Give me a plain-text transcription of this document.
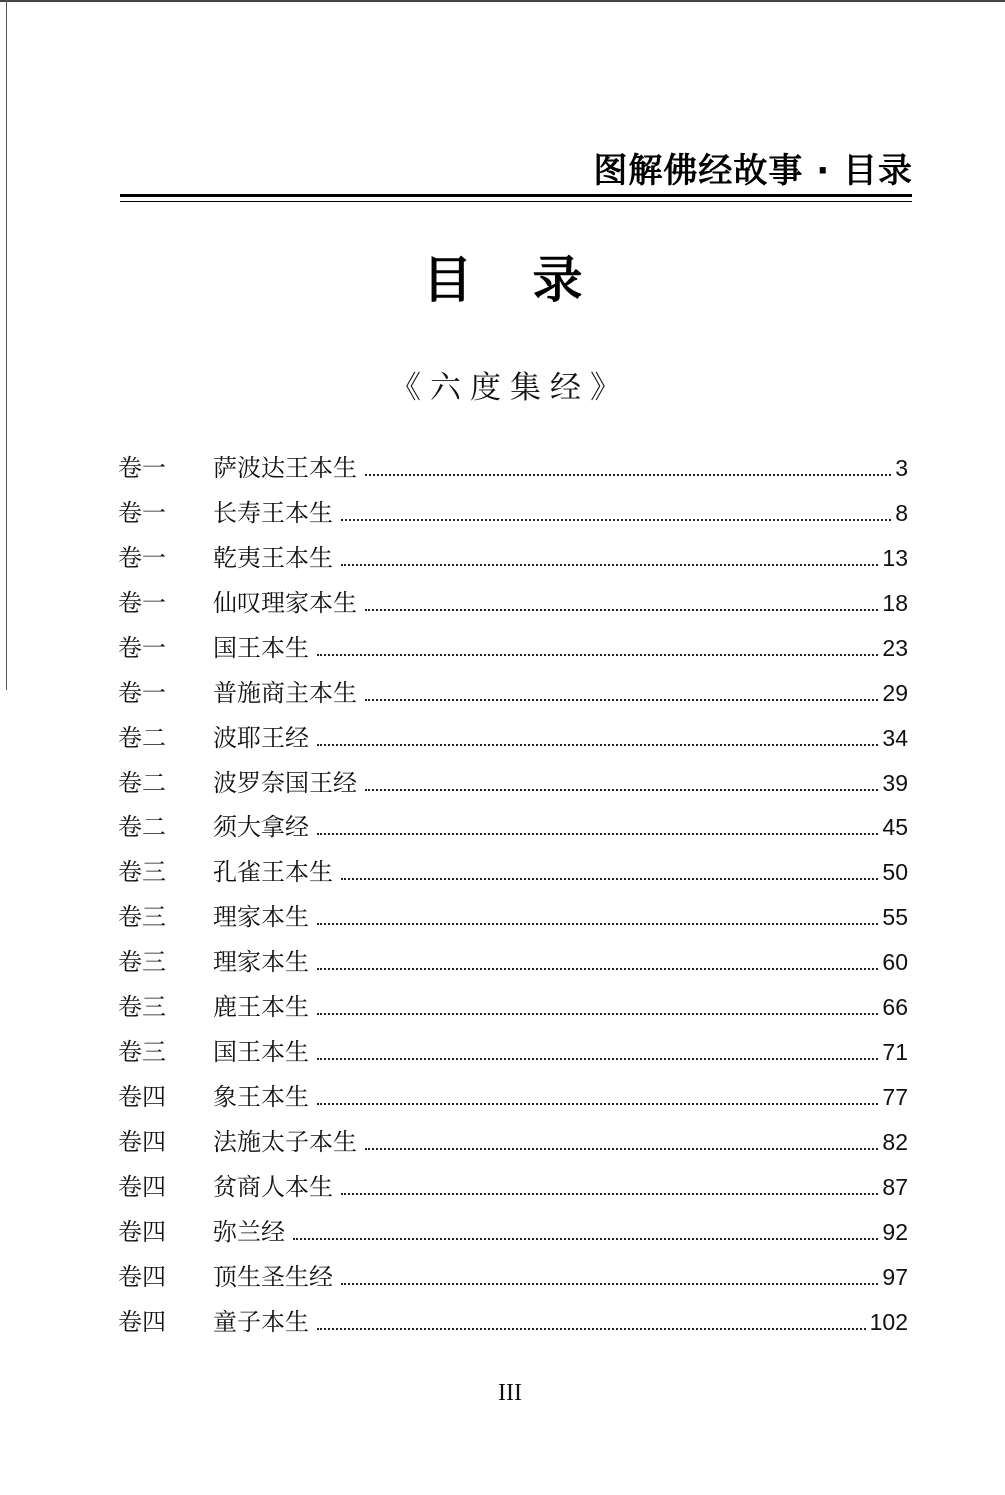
图解佛经故事 · 目录
目录
《六度集经》
卷一	萨波达王本生	3
卷一	长寿王本生	8
卷一	乾夷王本生	13
卷一	仙叹理家本生	18
卷一	国王本生	23
卷一	普施商主本生	29
卷二	波耶王经	34
卷二	波罗奈国王经	39
卷二	须大拿经	45
卷三	孔雀王本生	50
卷三	理家本生	55
卷三	理家本生	60
卷三	鹿王本生	66
卷三	国王本生	71
卷四	象王本生	77
卷四	法施太子本生	82
卷四	贫商人本生	87
卷四	弥兰经	92
卷四	顶生圣生经	97
卷四	童子本生	102
III
